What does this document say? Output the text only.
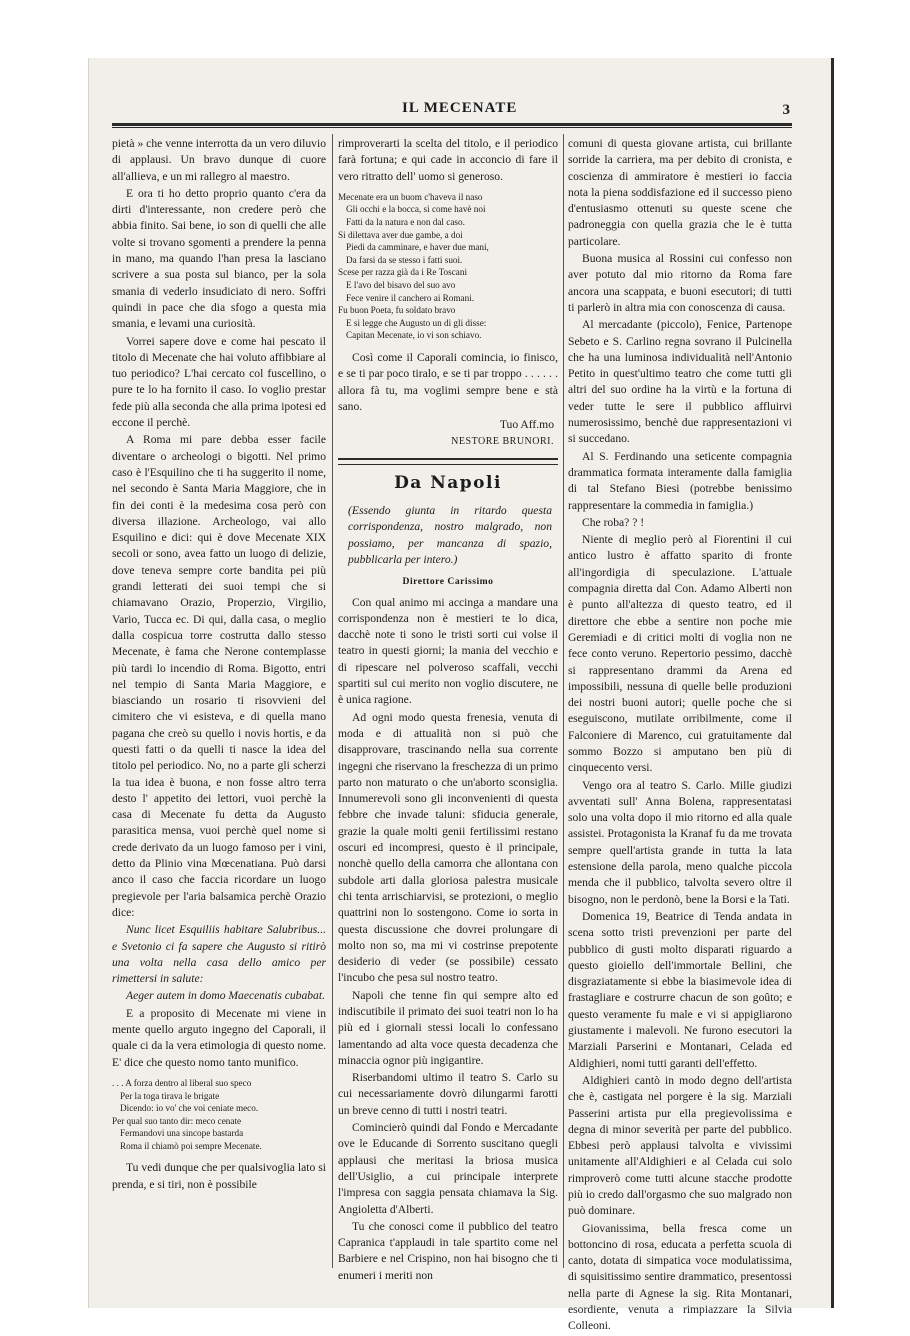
IL MECENATE	3

pietà » che venne interrotta da un vero diluvio di applausi. Un bravo dunque di cuore all'allieva, e un mi rallegro al maestro.

E ora ti ho detto proprio quanto c'era da dirti d'interessante, non credere però che abbia finito. Sai bene, io son di quelli che alle volte si trovano sgomenti a prendere la penna in mano, ma quando l'han presa la lasciano scrivere a sua posta sul bianco, per la sola smania di vederlo insudiciato di nero. Soffri quindi in pace che dia sfogo a questa mia smania, e levami una curiosità.

Vorrei sapere dove e come hai pescato il titolo di Mecenate che hai voluto affibbiare al tuo periodico? L'hai cercato col fuscellino, o pure te lo ha fornito il caso. Io voglio prestar fede più alla seconda che alla prima ipotesi ed eccone il perchè.

A Roma mi pare debba esser facile diventare o archeologi o bigotti. Nel primo caso è l'Esquilino che ti ha suggerito il nome, nel secondo è Santa Maria Maggiore, che in fin dei conti è la medesima cosa però con diversa illazione. Archeologo, vai allo Esquilino e dici: qui è dove Mecenate XIX secoli or sono, avea fatto un luogo di delizie, dove teneva sempre corte bandita pei più grandi letterati dei suoi tempi che si chiamavano Orazio, Properzio, Virgilio, Vario, Tucca ec. Di qui, dalla casa, o meglio dalla cospicua torre costrutta dallo stesso Mecenate, è fama che Nerone contemplasse più tardi lo incendio di Roma. Bigotto, entri nel tempio di Santa Maria Maggiore, e biasciando un rosario ti risovvieni del cimitero che vi esisteva, e di quella mano pagana che creò su quello i novis hortis, e da questi fatti o da quelli ti nasce la idea del titolo pel periodico. No, no a parte gli scherzi la tua idea è buona, e non fosse altro terra desto l' appetito dei lettori, vuoi perchè la casa di Mecenate fu detta da Augusto parasitica mensa, vuoi perchè quel nome si crede derivato da un luogo famoso per i vini, detto da Plinio vina Mœcenatiana. Può darsi anco il caso che faccia ricordare un luogo pregievole per l'aria balsamica perchè Orazio dice:

Nunc licet Esquiliis habitare Salubribus... e Svetonio ci fa sapere che Augusto si ritirò una volta nella casa dello amico per rimettersi in salute:

Aeger autem in domo Maecenatis cubabat.

E a proposito di Mecenate mi viene in mente quello arguto ingegno del Caporali, il quale ci da la vera etimologia di questo nome. E' dice che questo nomo tanto munifico.

. . . A forza dentro al liberal suo speco
Per la toga tirava le brigate
Dicendo: io vo' che voi ceniate meco.
Per qual suo tanto dir: meco cenate
Fermandovi una sincope bastarda
Roma il chiamò poi sempre Mecenate.

Tu vedi dunque che per qualsivoglia lato si prenda, e si tiri, non è possibile

rimproverarti la scelta del titolo, e il periodico farà fortuna; e qui cade in acconcio di fare il vero ritratto dell' uomo si generoso.

Mecenate era un buom c'haveva il naso
Gli occhi e la bocca, si come havè noi
Fatti da la natura e non dal caso.
Si dilettava aver due gambe, a doi
Piedi da camminare, e haver due mani,
Da farsi da se stesso i fatti suoi.
Scese per razza già da i Re Toscani
E l'avo del bisavo del suo avo
Fece venire il canchero ai Romani.
Fu buon Poeta, fu soldato bravo
E si legge che Augusto un di gli disse:
Capitan Mecenate, io vi son schiavo.

Così come il Caporali comincia, io finisco, e se ti par poco tiralo, e se ti par troppo . . . . . . allora fà tu, ma voglimi sempre bene e stà sano.

Tuo Aff.mo
NESTORE BRUNORI.
Da Napoli

(Essendo giunta in ritardo questa corrispondenza, nostro malgrado, non possiamo, per mancanza di spazio, pubblicarla per intero.)

Direttore Carissimo

Con qual animo mi accinga a mandare una corrispondenza non è mestieri te lo dica, dacchè note ti sono le tristi sorti cui volse il teatro in questi giorni; la mania del vecchio e di ripescare nel polveroso scaffali, vecchi spartiti sul cui merito non voglio discutere, ne è unica ragione.

Ad ogni modo questa frenesia, venuta di moda e di attualità non si può che disapprovare, trascinando nella sua corrente ingegni che riservano la freschezza di un primo parto non maturato o che un'aborto sconsiglia. Innumerevoli sono gli inconvenienti di questa febbre che invade taluni: sfiducia generale, grazie la quale molti genii fertilissimi restano oscuri ed incompresi, questo è il principale, nonchè quello della camorra che allontana con subdole arti dalla gloriosa palestra musicale chi tenta arrischiarvisi, se protezioni, o meglio quattrini non lo sostengono. Come io sorta in questa discussione che dovrei prolungare di molto non so, ma mi vi costrinse prepotente desiderio di veder (se possibile) cessato l'incubo che pesa sul nostro teatro.

Napoli che tenne fin qui sempre alto ed indiscutibile il primato dei suoi teatri non lo ha più ed i giornali stessi locali lo confessano lamentando ad alta voce questa decadenza che minaccia ognor più ingigantire.

Riserbandomi ultimo il teatro S. Carlo su cui necessariamente dovrò dilungarmi farotti un breve cenno di tutti i nostri teatri.

Comincierò quindi dal Fondo e Mercadante ove le Educande di Sorrento suscitano quegli applausi che meritasi la briosa musica dell'Usiglio, a cui principale interprete l'impresa con saggia pensata chiamava la Sig. Angioletta d'Alberti.

Tu che conosci come il pubblico del teatro Capranica t'applaudi in tale spartito come nel Barbiere e nel Crispino, non hai bisogno che ti enumeri i meriti non

comuni di questa giovane artista, cui brillante sorride la carriera, ma per debito di cronista, e coscienza di ammiratore è mestieri io faccia nota la piena soddisfazione ed il successo pieno d'entusiasmo ottenuti su queste scene che padroneggia con quella grazia che le è tutta particolare.

Buona musica al Rossini cui confesso non aver potuto dal mio ritorno da Roma fare ancora una scappata, e buoni esecutori; di tutti ti parlerò in altra mia con conoscenza di causa.

Al mercadante (piccolo), Fenice, Partenope Sebeto e S. Carlino regna sovrano il Pulcinella che ha una luminosa individualità nell'Antonio Petito in quest'ultimo teatro che come tutti gli altri del suo ordine ha la virtù e la fortuna di veder tutte le sere il pubblico affluirvi numerosissimo, benchè due rappresentazioni vi si succedano.

Al S. Ferdinando una seticente compagnia drammatica formata interamente dalla famiglia di tal Stefano Biesi (potrebbe benissimo rappresentare la commedia in famiglia.)

Che roba? ? !

Niente di meglio però al Fiorentini il cui antico lustro è affatto sparito di fronte all'ingordigia di speculazione. L'attuale compagnia diretta dal Con. Adamo Alberti non è punto all'altezza di questo teatro, ed il direttore che ebbe a sentire non poche mie Geremiadi e di critici molti di voglia non ne fece conto veruno. Repertorio pessimo, dacchè si rappresentano drammi da Arena ed impossibili, nessuna di quelle belle produzioni dei nostri buoni autori; quelle poche che si eseguiscono, mutilate orribilmente, come il Falconiere di Marenco, cui gratuitamente dal sommo Bozzo si amputano ben più di cinquecento versi.

Vengo ora al teatro S. Carlo. Mille giudizi avventati sull' Anna Bolena, rappresentatasi solo una volta dopo il mio ritorno ed alla quale assistei. Protagonista la Kranaf fu da me trovata sempre quell'artista grande in tutta la lata estensione della parola, meno qualche piccola menda che il pubblico, talvolta severo oltre il bisogno, non le perdonò, bene la Borsi e la Tati.

Domenica 19, Beatrice di Tenda andata in scena sotto tristi prevenzioni per parte del pubblico di gusti molto disparati riguardo a questo gioiello dell'immortale Bellini, che disgraziatamente si ebbe la biasimevole idea di frastagliare e costrurre chacun de son goûto; e questo veramente fu male e vi si appigliarono giustamente i malevoli. Ne furono esecutori la Marziali Parserini e Montanari, Celada ed Aldighieri, nomi tutti garanti dell'effetto.

Aldighieri cantò in modo degno dell'artista che è, castigata nel porgere è la sig. Marziali Passerini artista pur ella pregievolissima e degna di minor severità per parte del pubblico. Ebbesi però applausi talvolta e vivissimi unitamente all'Aldighieri e al Celada cui solo rimproverò come tutti alcune stacche prodotte più io credo dall'orgasmo che suo malgrado non può dominare.

Giovanissima, bella fresca come un bottoncino di rosa, educata a perfetta scuola di canto, dotata di simpatica voce modulatissima, di squisitissimo sentire drammatico, presentossi nella parte di Agnese la sig. Rita Montanari, esordiente, venuta a rimpiazzare la Silvia Colleoni.
